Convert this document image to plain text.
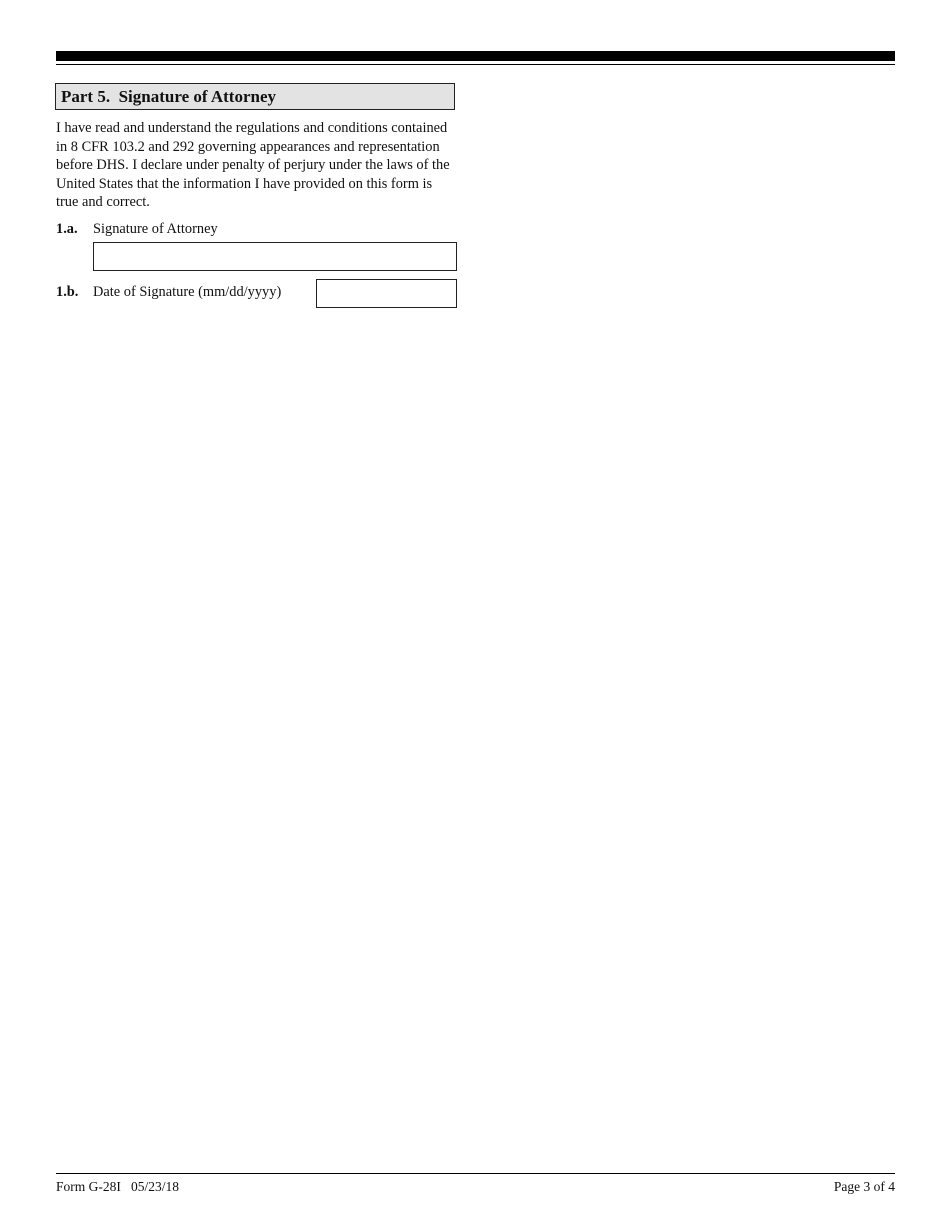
Part 5.  Signature of Attorney

I have read and understand the regulations and conditions contained in 8 CFR 103.2 and 292 governing appearances and representation before DHS. I declare under penalty of perjury under the laws of the United States that the information I have provided on this form is true and correct.

1.a. Signature of Attorney
1.b. Date of Signature (mm/dd/yyyy)
Form G-28I   05/23/18	Page 3 of 4
